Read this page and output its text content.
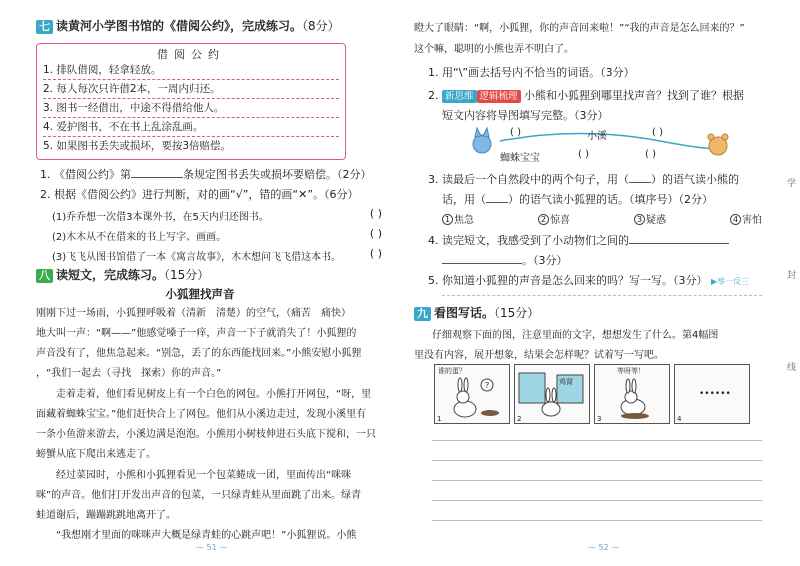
七 读黄河小学图书馆的《借阅公约》，完成练习。（8分）
借阅公约
1. 排队借阅，轻拿轻放。
2. 每人每次只许借2本，一周内归还。
3. 图书一经借出，中途不得借给他人。
4. 爱护图书，不在书上乱涂乱画。
5. 如果图书丢失或损坏，要按3倍赔偿。
1. 《借阅公约》第	条规定图书丢失或损坏要赔偿。（2分）
2. 根据《借阅公约》进行判断，对的画“√”，错的画“✕”。（6分）
(1)乔乔想一次借3本课外书，在5天内归还图书。	( )
(2)木木从不在借来的书上写字、画画。	( )
(3)飞飞从图书馆借了一本《寓言故事》，木木想问飞飞借这本书。	( )
八 读短文，完成练习。（15分）
小狐狸找声音
刚刚下过一场雨，小狐狸呼吸着（清新　清楚）的空气，（痛苦　痛快）
地大叫一声：“啊——”他感觉嗓子一痒，声音一下子就消失了！小狐狸的
声音没有了，他焦急起来。“别急，丢了的东西能找回来。”小熊安慰小狐狸
，“我们一起去（寻找　探索）你的声音。”
走着走着，他们看见树皮上有一个白色的网包。小熊打开网包，“呀，里
面藏着蜘蛛宝宝。”他们赶快合上了网包。他们从小溪边走过，发现小溪里有
一条小鱼游来游去，小溪边满是泡泡。小熊用小树枝伸进石头底下搅和，一只
螃蟹从底下爬出来逃走了。
经过菜园时，小熊和小狐狸看见一个包菜蜷成一团，里面传出“咪咪
咪”的声音。他们打开发出声音的包菜，一只绿青蛙从里面跳了出来。绿青
蛙道谢后，蹦蹦跳跳地离开了。
“我想刚才里面的咪咪声大概是绿青蛙的心跳声吧！”小狐狸说。小熊
— 51 —
瞪大了眼睛：“啊，小狐狸，你的声音回来啦！”“我的声音是怎么回来的？”
这个嘛，聪明的小熊也弄不明白了。
1. 用“\”画去括号内不恰当的词语。（3分）
2. 新思维 逻辑梳理 小熊和小狐狸到哪里找声音？找到了谁？根据
短文内容将导图填写完整。（3分）
( )	小溪	( )
蜘蛛宝宝	( )	( )
3. 读最后一个自然段中的两个句子，用（ ）的语气读小熊的
话，用（ ）的语气读小狐狸的话。（填序号）（2分）
1 焦急	2 惊喜	3 疑惑	4 害怕
4. 读完短文，我感受到了小动物们之间的
。（3分）
5. 你知道小狐狸的声音是怎么回来的吗？写一写。（3分） ▶举一反三
九 看图写话。（15分）
仔细观察下面的图，注意里面的文字，想想发生了什么。第4幅图
里没有内容，展开想象，结果会怎样呢？试着写一写吧。
谁的蛋？
1
?
2
鸡窝
等呀等！
3
••••••
4
学
封
线
— 52 —
